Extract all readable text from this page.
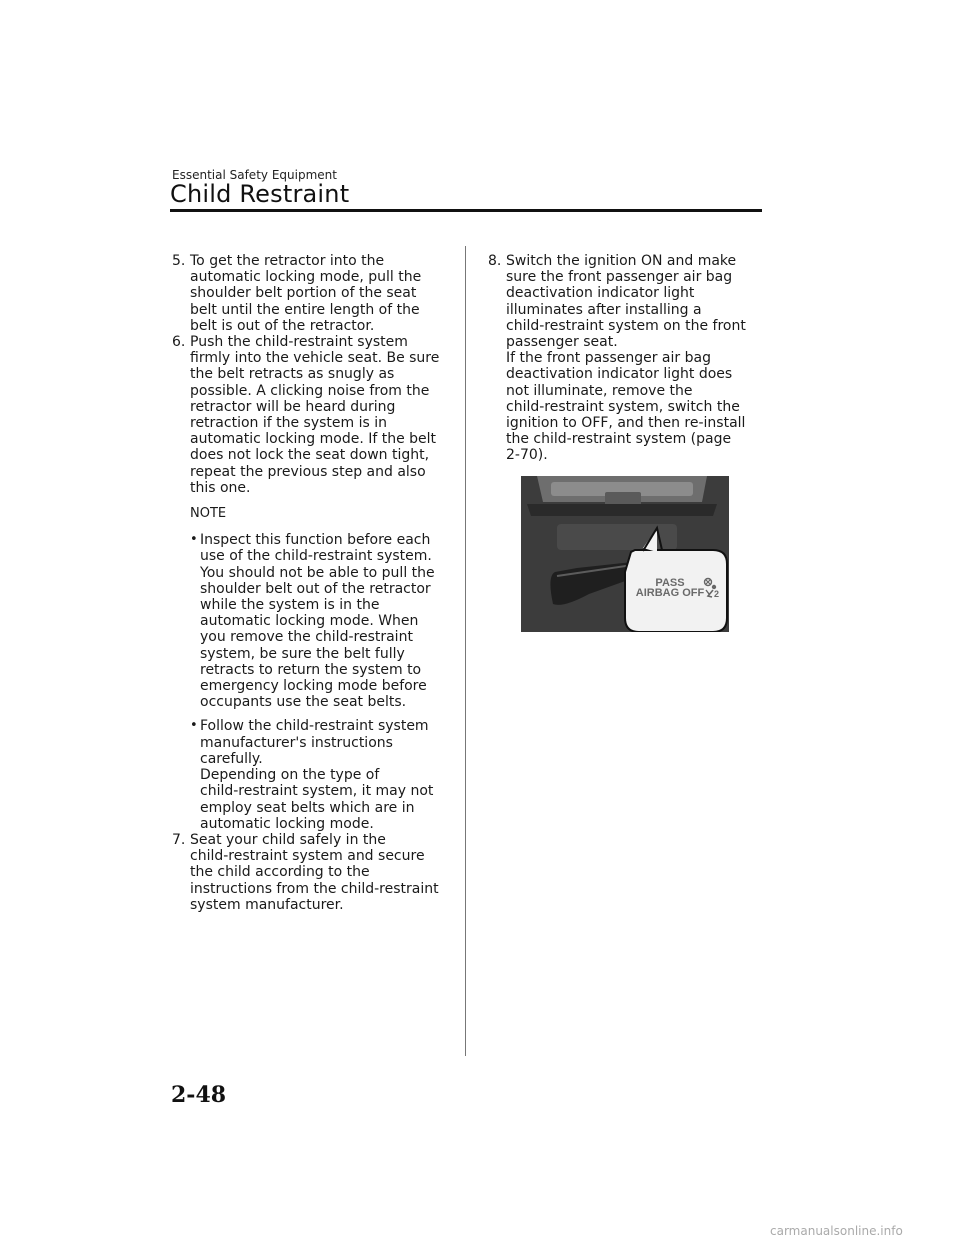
Essential Safety Equipment
Child Restraint
5. To get the retractor into the
automatic locking mode, pull the
shoulder belt portion of the seat
belt until the entire length of the
belt is out of the retractor.
6. Push the child-restraint system
firmly into the vehicle seat. Be sure
the belt retracts as snugly as
possible. A clicking noise from the
retractor will be heard during
retraction if the system is in
automatic locking mode. If the belt
does not lock the seat down tight,
repeat the previous step and also
this one.
NOTE
• Inspect this function before each
use of the child-restraint system.
You should not be able to pull the
shoulder belt out of the retractor
while the system is in the
automatic locking mode. When
you remove the child-restraint
system, be sure the belt fully
retracts to return the system to
emergency locking mode before
occupants use the seat belts.
• Follow the child-restraint system
manufacturer's instructions
carefully.
Depending on the type of
child-restraint system, it may not
employ seat belts which are in
automatic locking mode.
7. Seat your child safely in the
child-restraint system and secure
the child according to the
instructions from the child-restraint
system manufacturer.
8. Switch the ignition ON and make
sure the front passenger air bag
deactivation indicator light
illuminates after installing a
child-restraint system on the front
passenger seat.
If the front passenger air bag
deactivation indicator light does
not illuminate, remove the
child-restraint system, switch the
ignition to OFF, and then re-install
the child-restraint system (page
2-70).
PASS
AIRBAG OFF 2
2-48
carmanualsonline.info
